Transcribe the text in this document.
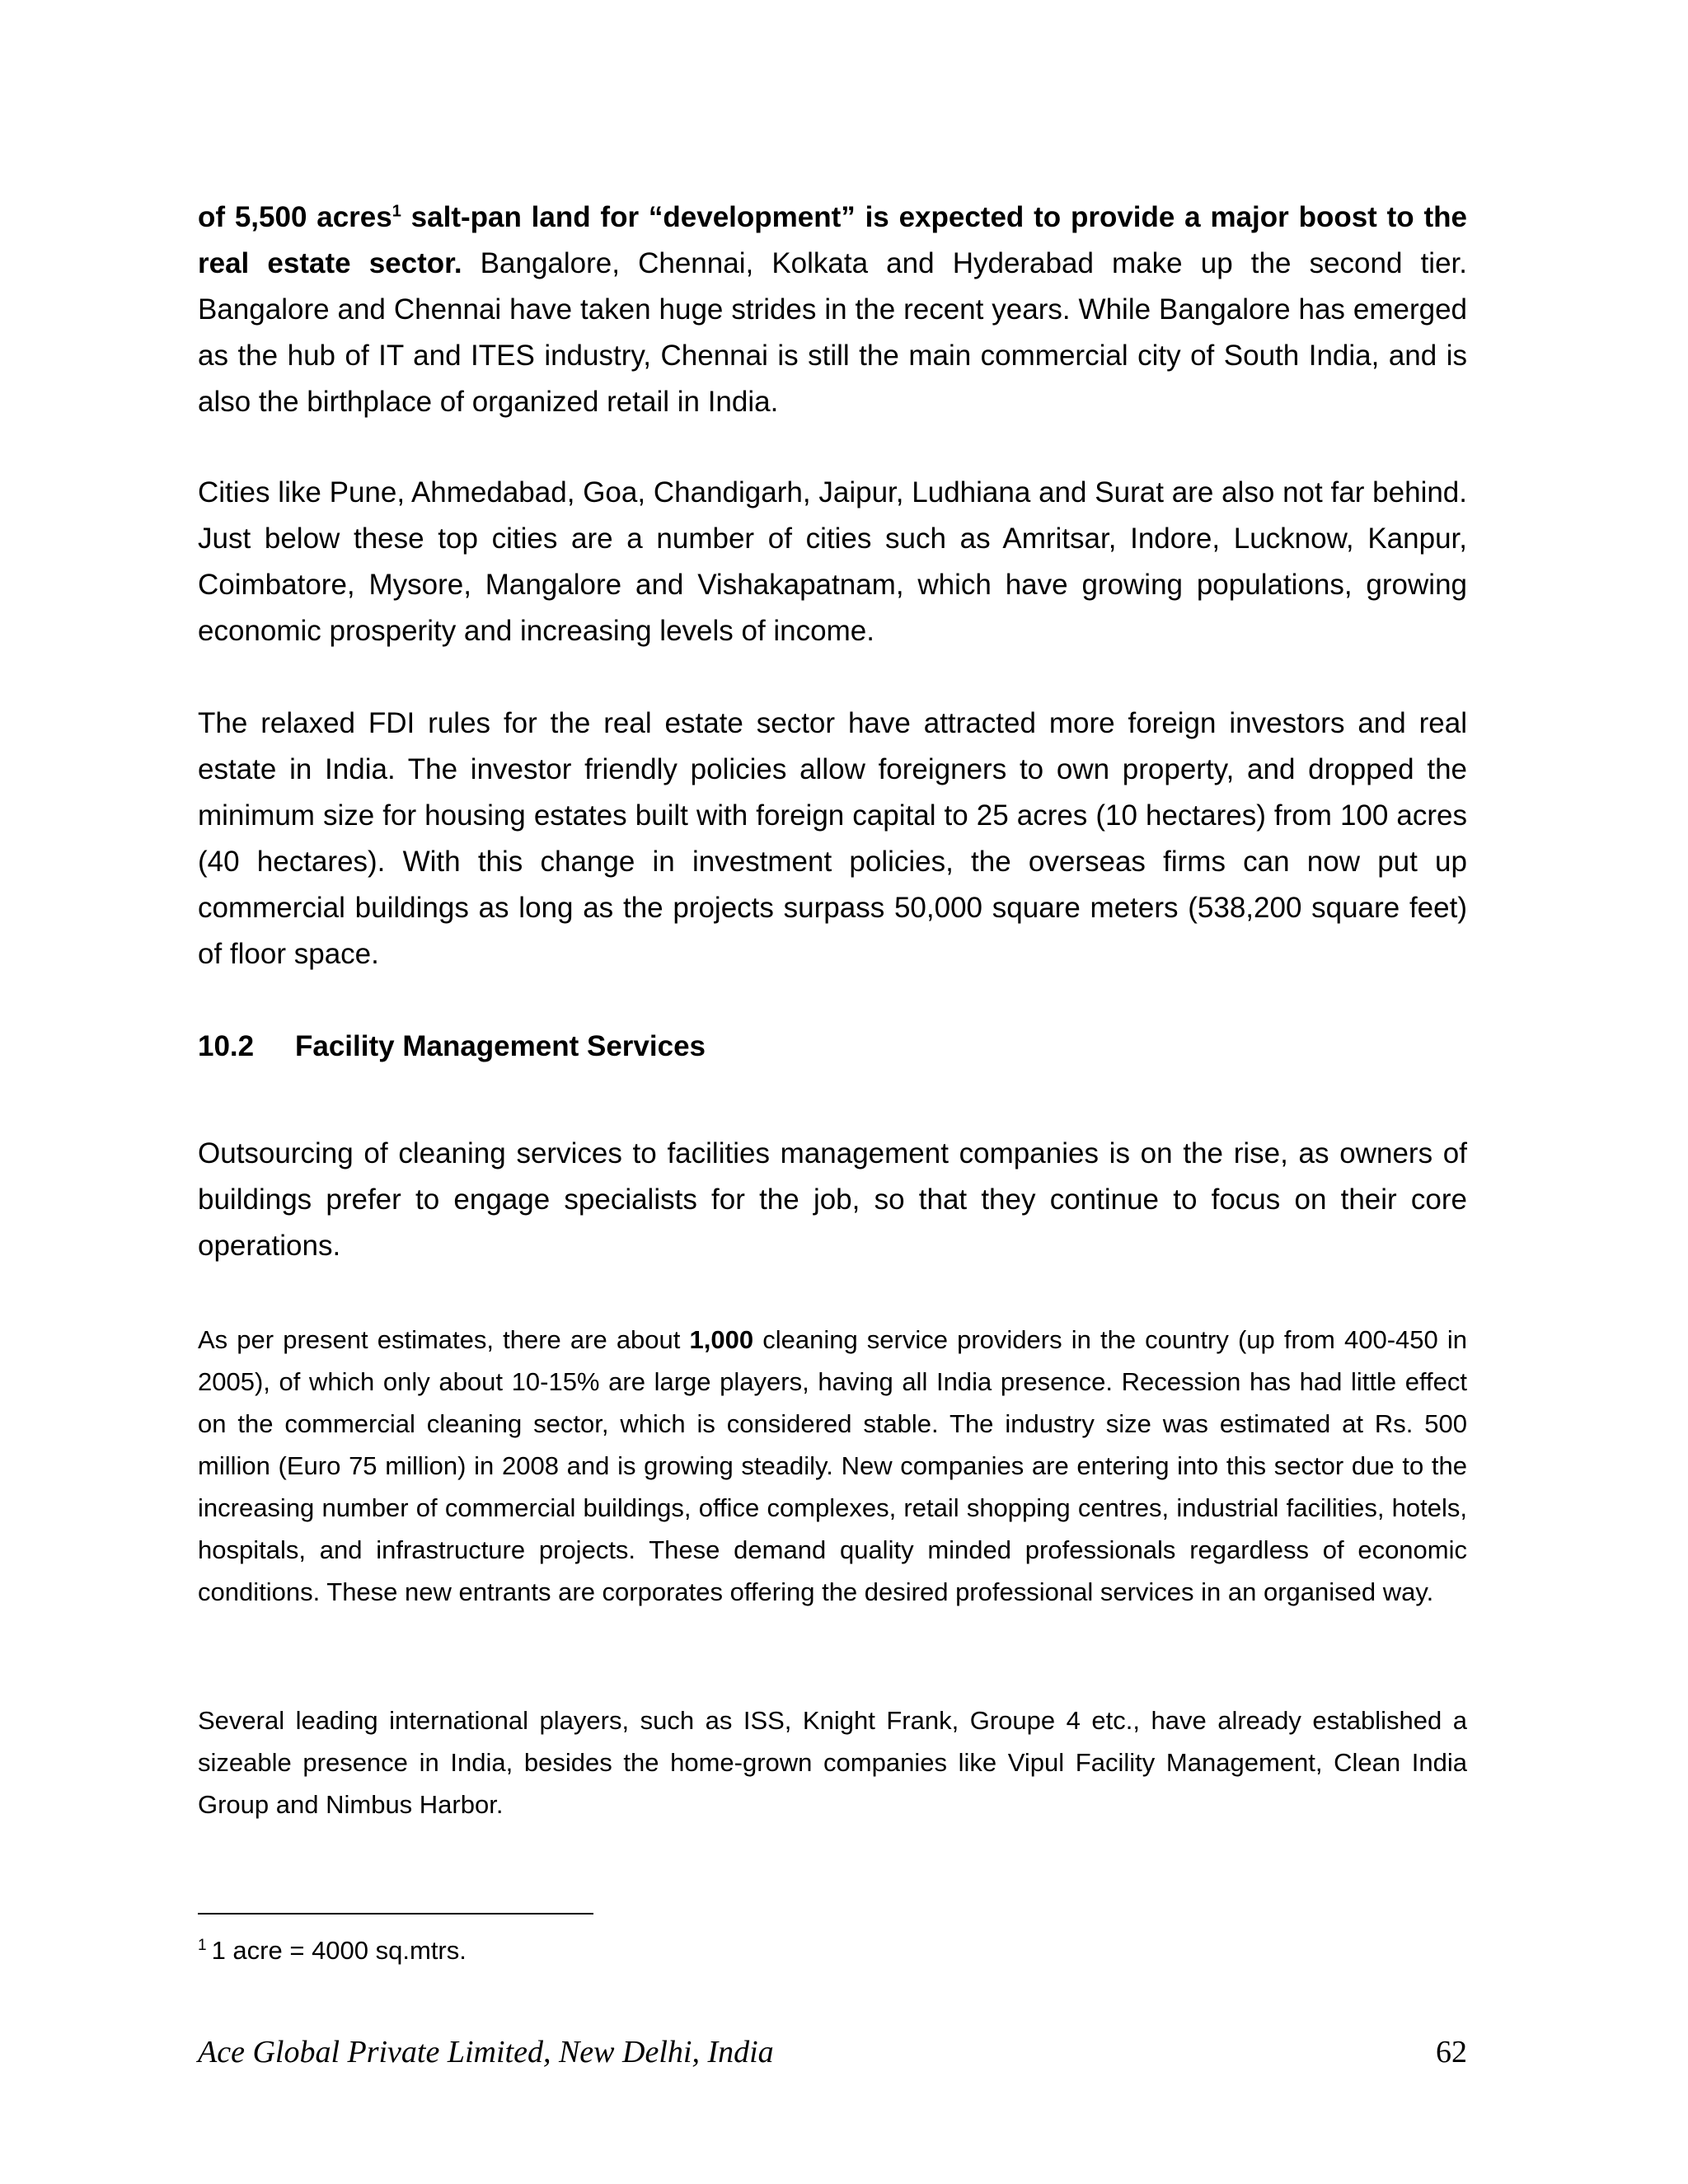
of 5,500 acres$^1$ salt-pan land for “development” is expected to provide a major boost to the real estate sector. Bangalore, Chennai, Kolkata and Hyderabad make up the second tier. Bangalore and Chennai have taken huge strides in the recent years. While Bangalore has emerged as the hub of IT and ITES industry, Chennai is still the main commercial city of South India, and is also the birthplace of organized retail in India.

Cities like Pune, Ahmedabad, Goa, Chandigarh, Jaipur, Ludhiana and Surat are also not far behind. Just below these top cities are a number of cities such as Amritsar, Indore, Lucknow, Kanpur, Coimbatore, Mysore, Mangalore and Vishakapatnam, which have growing populations, growing economic prosperity and increasing levels of income.

The relaxed FDI rules for the real estate sector have attracted more foreign investors and real estate in India. The investor friendly policies allow foreigners to own property, and dropped the minimum size for housing estates built with foreign capital to 25 acres (10 hectares) from 100 acres (40 hectares). With this change in investment policies, the overseas firms can now put up commercial buildings as long as the projects surpass 50,000 square meters (538,200 square feet) of floor space.

10.2 Facility Management Services

Outsourcing of cleaning services to facilities management companies is on the rise, as owners of buildings prefer to engage specialists for the job, so that they continue to focus on their core operations.

As per present estimates, there are about 1,000 cleaning service providers in the country (up from 400-450 in 2005), of which only about 10-15% are large players, having all India presence. Recession has had little effect on the commercial cleaning sector, which is considered stable. The industry size was estimated at Rs. 500 million (Euro 75 million) in 2008 and is growing steadily. New companies are entering into this sector due to the increasing number of commercial buildings, office complexes, retail shopping centres, industrial facilities, hotels, hospitals, and infrastructure projects. These demand quality minded professionals regardless of economic conditions. These new entrants are corporates offering the desired professional services in an organised way.

Several leading international players, such as ISS, Knight Frank, Groupe 4 etc., have already established a sizeable presence in India, besides the home-grown companies like Vipul Facility Management, Clean India Group and Nimbus Harbor.

$^1$ 1 acre = 4000 sq.mtrs.

Ace Global Private Limited, New Delhi, India	62
